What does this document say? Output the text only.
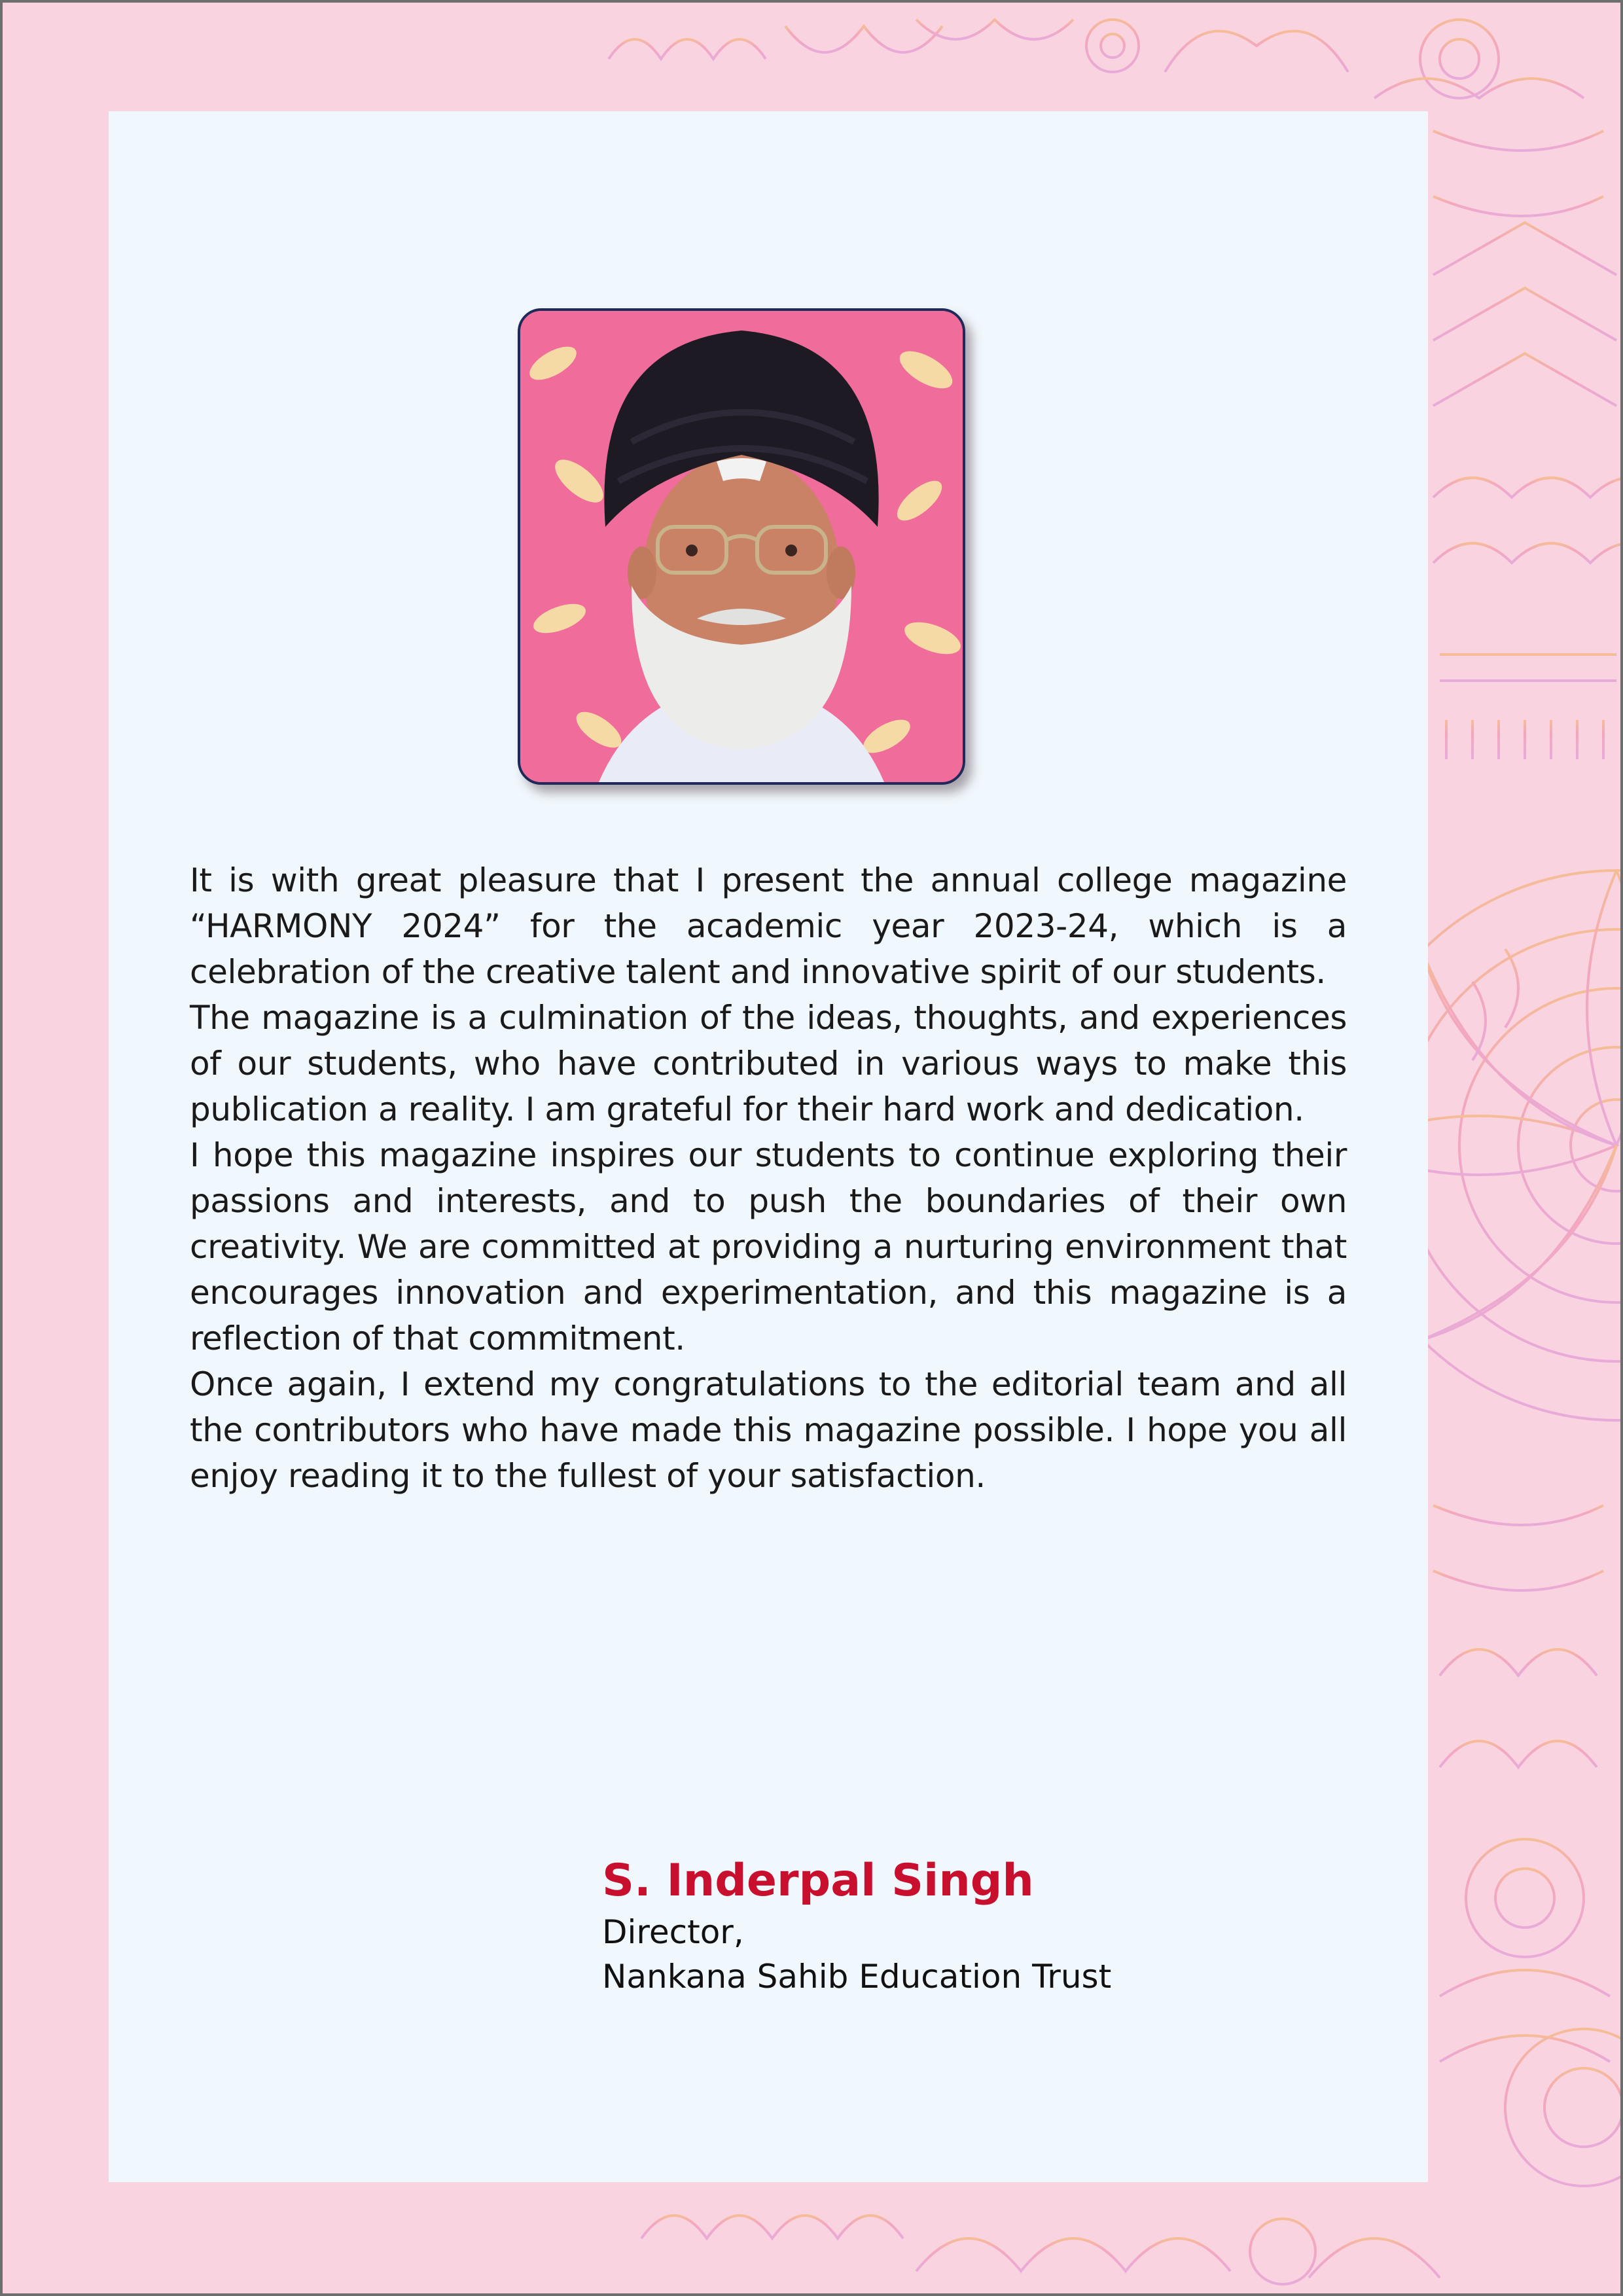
It is with great pleasure that I present the annual college magazine “HARMONY 2024” for the academic year 2023-24, which is a celebration of the creative talent and innovative spirit of our students.

The magazine is a culmination of the ideas, thoughts, and experiences of our students, who have contributed in various ways to make this publication a reality. I am grateful for their hard work and dedication.

I hope this magazine inspires our students to continue exploring their passions and interests, and to push the boundaries of their own creativity. We are committed at providing a nurturing environment that encourages innovation and experimentation, and this magazine is a reflection of that commitment.

Once again, I extend my congratulations to the editorial team and all the contributors who have made this magazine possible. I hope you all enjoy reading it to the fullest of your satisfaction.

S. Inderpal Singh
Director,
Nankana Sahib Education Trust
